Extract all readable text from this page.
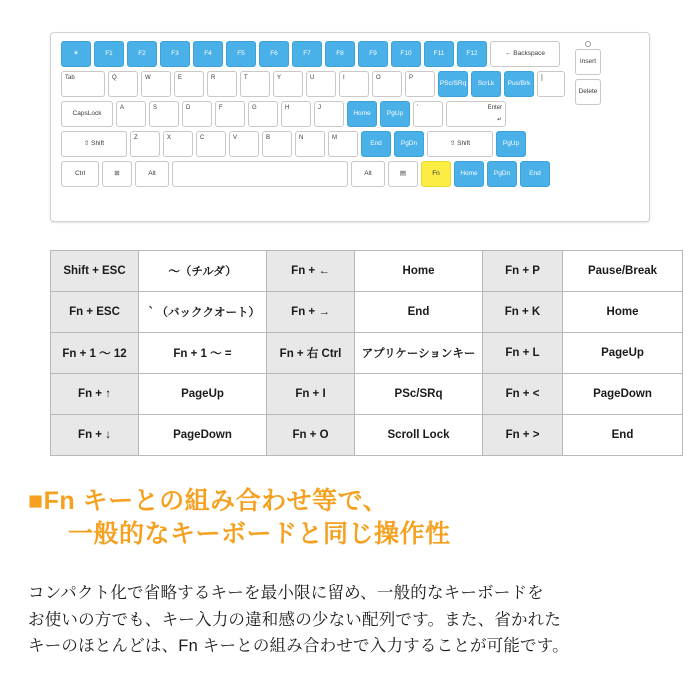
✶	F1	F2	F3	F4	F5	F6	F7	F8	F9	F10	F11	F12	← Backspace
Tab	Q	W	E	R	T	Y	U	I	O	P
PSc/SRq ScrLk Pus/Brk
]
CapsLock
A	S	D	F	G	H	J
Home PgUp
'	Enter
↵
⇧ Shift
Z	X	C	V	B	N	M
End	PgDn	⇧ Shift	PgUp
Ctrl	⊞	Alt	Alt	▤	Fn	Home PgDn	End
Insert
Delete
Shift + ESC	～（チルダ）	Fn + ←	Home	Fn + P	Pause/Break
Fn + ESC	｀（バッククオート）	Fn + →	End	Fn + K	Home
Fn + 1 〜 12	Fn + 1 〜 =	Fn + 右 Ctrl	アプリケーションキー	Fn + L	PageUp
Fn + ↑	PageUp	Fn + I	PSc/SRq	Fn + <	PageDown
Fn + ↓	PageDown	Fn + O	Scroll Lock	Fn + >	End
■Fn キーとの組み合わせ等で、
一般的なキーボードと同じ操作性
コンパクト化で省略するキーを最小限に留め、一般的なキーボードを
お使いの方でも、キー入力の違和感の少ない配列です。また、省かれた
キーのほとんどは、Fn キーとの組み合わせで入力することが可能です。
